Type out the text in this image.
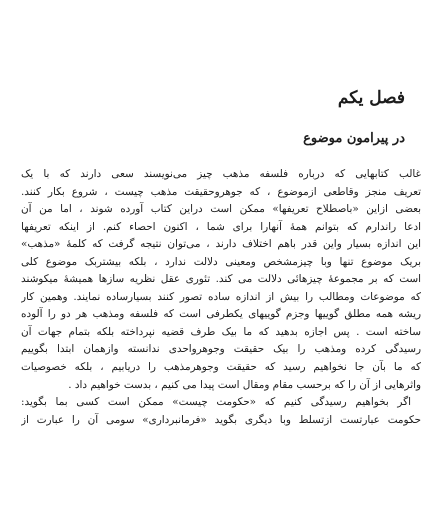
فصل یکم
در پیرامون موضوع
غالب کتابهایی که درباره فلسفه مذهب چیز می‌نویسند سعی دارند که با یک
تعریف منجز وقاطعی ازموضوع ، که جوهروحقیقت مذهب چیست ، شروع بکار کنند.
بعضی ازاین «باصطلاح تعریفها» ممکن است دراین کتاب آورده شوند ، اما من آن
ادعا راندارم که بتوانم همهٔ آنهارا برای شما ، اکنون احصاء کنم. از اینکه تعریفها
این اندازه بسیار واین قدر باهم اختلاف دارند ، می‌توان نتیجه گرفت که کلمهٔ «مذهب»
بریک موضوع تنها وبا چیزمشخص ومعینی دلالت ندارد ، بلکه بیشتربک موضوع کلی
است که بر مجموعهٔ چیزهائی دلالت می کند. تئوری عقل نظریه سازها همیشهٔ میکوشند
که موضوعات ومطالب را بیش از اندازه ساده تصور کنند بسیارساده نمایند. وهمین کار
ریشه همه مطلق گوییها وجزم گوییهای یکطرفی است که فلسفه ومذهب هر دو را آلوده
ساخته است . پس اجازه بدهید که ما بیک طرف قضیه نپرداخته بلکه بتمام جهات آن
رسیدگی کرده ومذهب را بیک حقیقت وجوهرواحدی ندانسته وازهمان ابتدا بگوییم
که ما بآن جا نخواهیم رسید که حقیقت وجوهرمذهب را دریابیم ، بلکه خصوصیات
واثرهایی از آن را که برحسب مقام ومقال است پیدا می کنیم ، بدست خواهیم داد .
اگر بخواهیم رسیدگی کنیم که «حکومت چیست» ممکن است کسی بما بگوید:
حکومت عبارتست ازتسلط وبا دیگری بگوید «فرمانبرداری» سومی آن را عبارت از
